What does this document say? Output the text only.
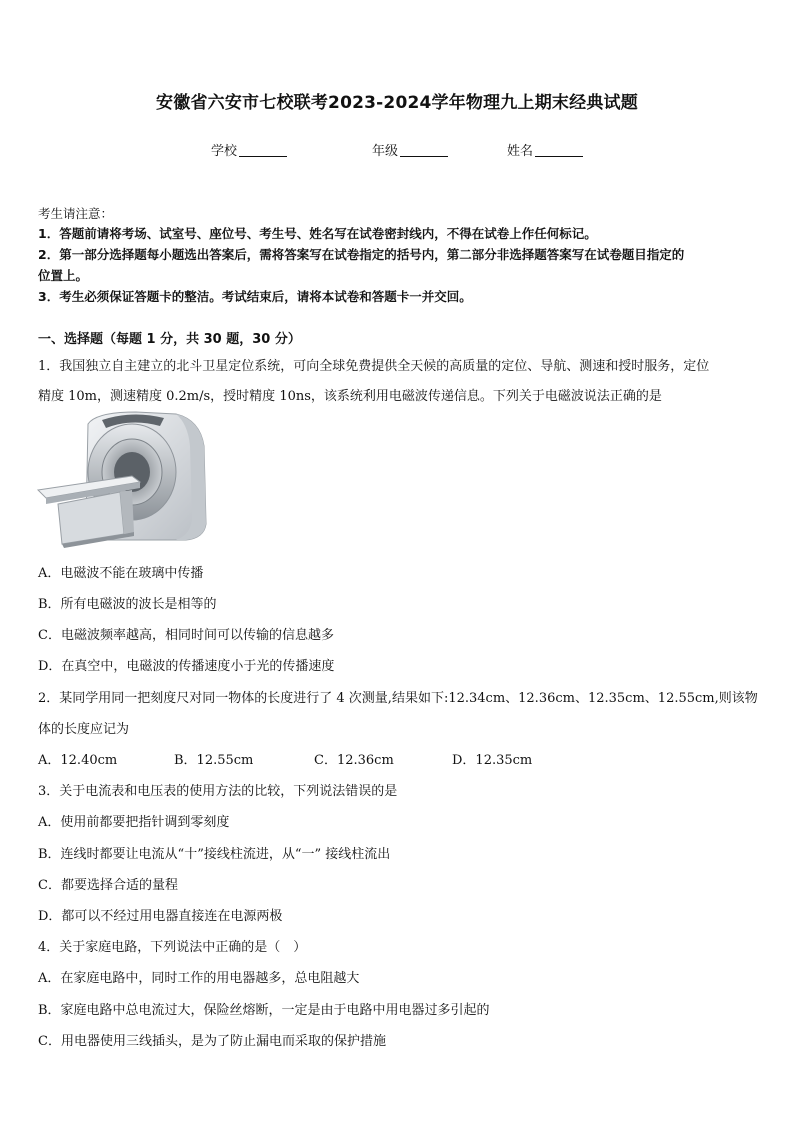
安徽省六安市七校联考2023-2024学年物理九上期末经典试题
学校	年级	姓名
考生请注意：
1．答题前请将考场、试室号、座位号、考生号、姓名写在试卷密封线内，不得在试卷上作任何标记。
2．第一部分选择题每小题选出答案后，需将答案写在试卷指定的括号内，第二部分非选择题答案写在试卷题目指定的
位置上。
3．考生必须保证答题卡的整洁。考试结束后，请将本试卷和答题卡一并交回。
一、选择题（每题 1 分，共 30 题，30 分）
1．我国独立自主建立的北斗卫星定位系统，可向全球免费提供全天候的高质量的定位、导航、测速和授时服务，定位
精度 10m，测速精度 0.2m/s，授时精度 10ns，该系统利用电磁波传递信息。下列关于电磁波说法正确的是
A．电磁波不能在玻璃中传播
B．所有电磁波的波长是相等的
C．电磁波频率越高，相同时间可以传输的信息越多
D．在真空中，电磁波的传播速度小于光的传播速度
2．某同学用同一把刻度尺对同一物体的长度进行了 4 次测量,结果如下:12.34cm、12.36cm、12.35cm、12.55cm,则该物
体的长度应记为
A．12.40cm	B．12.55cm	C．12.36cm	D．12.35cm
3．关于电流表和电压表的使用方法的比较，下列说法错误的是
A．使用前都要把指针调到零刻度
B．连线时都要让电流从“十”接线柱流进，从“一” 接线柱流出
C．都要选择合适的量程
D．都可以不经过用电器直接连在电源两极
4．关于家庭电路，下列说法中正确的是（　）
A．在家庭电路中，同时工作的用电器越多，总电阻越大
B．家庭电路中总电流过大，保险丝熔断，一定是由于电路中用电器过多引起的
C．用电器使用三线插头，是为了防止漏电而采取的保护措施
